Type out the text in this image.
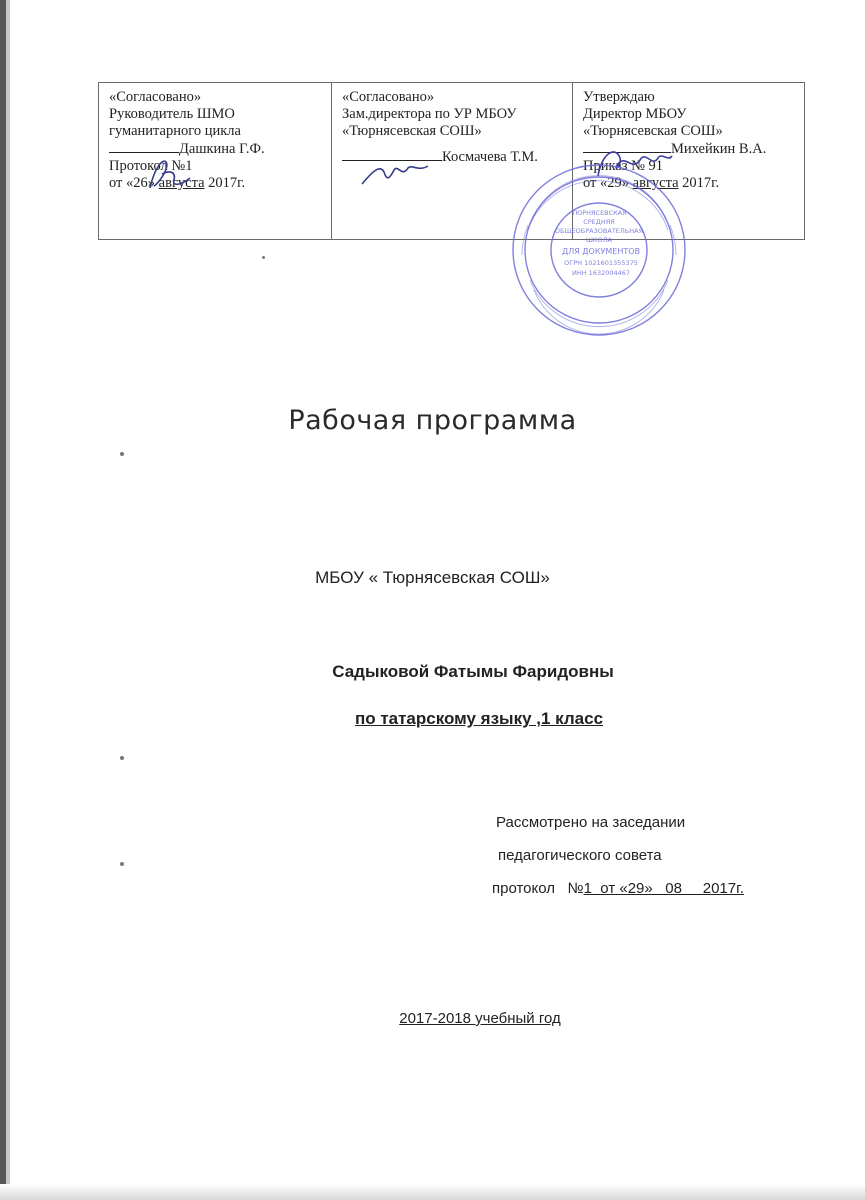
«Согласовано»
Руководитель ШМО
гуманитарного цикла
Дашкина Г.Ф.
Протокол №1
от «26» августа 2017г.

«Согласовано»
Зам.директора по УР МБОУ
«Тюрнясевская СОШ»
Космачева Т.М.

Утверждаю
Директор МБОУ
«Тюрнясевская СОШ»
Михейкин В.А.
Приказ № 91
от «29» августа 2017г.
ТЮРНЯСЕВСКАЯ
СРЕДНЯЯ
ОБЩЕОБРАЗОВАТЕЛЬНАЯ
ШКОЛА
ДЛЯ ДОКУМЕНТОВ
ОГРН 1021601355375
ИНН 1632004467
Рабочая программа
МБОУ « Тюрнясевская СОШ»
Садыковой Фатымы Фаридовны
по татарскому языку ,1 класс
Рассмотрено на заседании
педагогического совета
протокол   №1  от «29»   08     2017г.
2017-2018 учебный год
